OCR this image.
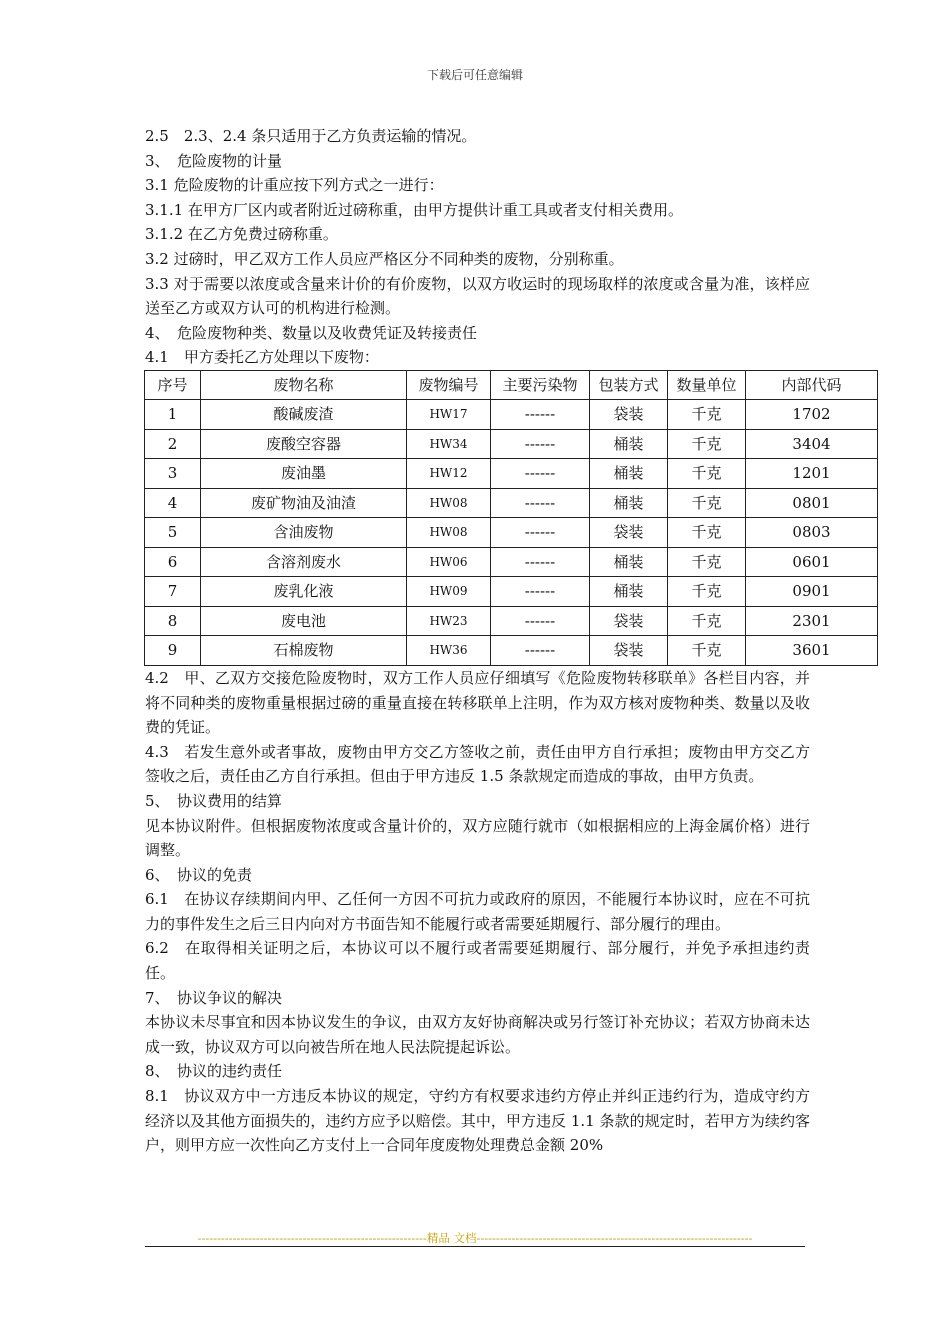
下载后可任意编辑

2.5　2.3、2.4 条只适用于乙方负责运输的情况。

3、　危险废物的计量

3.1 危险废物的计重应按下列方式之一进行：

3.1.1 在甲方厂区内或者附近过磅称重，由甲方提供计重工具或者支付相关费用。

3.1.2 在乙方免费过磅称重。

3.2 过磅时，甲乙双方工作人员应严格区分不同种类的废物，分别称重。

3.3 对于需要以浓度或含量来计价的有价废物，以双方收运时的现场取样的浓度或含量为准，该样应送至乙方或双方认可的机构进行检测。

4、　危险废物种类、数量以及收费凭证及转接责任

4.1　甲方委托乙方处理以下废物：

序号	废物名称	废物编号	主要污染物	包装方式	数量单位	内部代码
1	酸碱废渣	HW17	------	袋装	千克	1702
2	废酸空容器	HW34	------	桶装	千克	3404
3	废油墨	HW12	------	桶装	千克	1201
4	废矿物油及油渣	HW08	------	桶装	千克	0801
5	含油废物	HW08	------	袋装	千克	0803
6	含溶剂废水	HW06	------	桶装	千克	0601
7	废乳化液	HW09	------	桶装	千克	0901
8	废电池	HW23	------	袋装	千克	2301
9	石棉废物	HW36	------	袋装	千克	3601

4.2　甲、乙双方交接危险废物时，双方工作人员应仔细填写《危险废物转移联单》各栏目内容，并将不同种类的废物重量根据过磅的重量直接在转移联单上注明，作为双方核对废物种类、数量以及收费的凭证。

4.3　若发生意外或者事故，废物由甲方交乙方签收之前，责任由甲方自行承担；废物由甲方交乙方签收之后，责任由乙方自行承担。但由于甲方违反 1.5 条款规定而造成的事故，由甲方负责。

5、　协议费用的结算

见本协议附件。但根据废物浓度或含量计价的，双方应随行就市（如根据相应的上海金属价格）进行调整。

6、　协议的免责

6.1　在协议存续期间内甲、乙任何一方因不可抗力或政府的原因，不能履行本协议时，应在不可抗力的事件发生之后三日内向对方书面告知不能履行或者需要延期履行、部分履行的理由。

6.2　在取得相关证明之后，本协议可以不履行或者需要延期履行、部分履行，并免予承担违约责任。

7、　协议争议的解决

本协议未尽事宜和因本协议发生的争议，由双方友好协商解决或另行签订补充协议；若双方协商未达成一致，协议双方可以向被告所在地人民法院提起诉讼。

8、　协议的违约责任

8.1　协议双方中一方违反本协议的规定，守约方有权要求违约方停止并纠正违约行为，造成守约方经济以及其他方面损失的，违约方应予以赔偿。其中，甲方违反 1.1 条款的规定时，若甲方为续约客户，则甲方应一次性向乙方支付上一合同年度废物处理费总金额 20%

-----------------------------------------------------------精品 文档-----------------------------------------------------------------------
